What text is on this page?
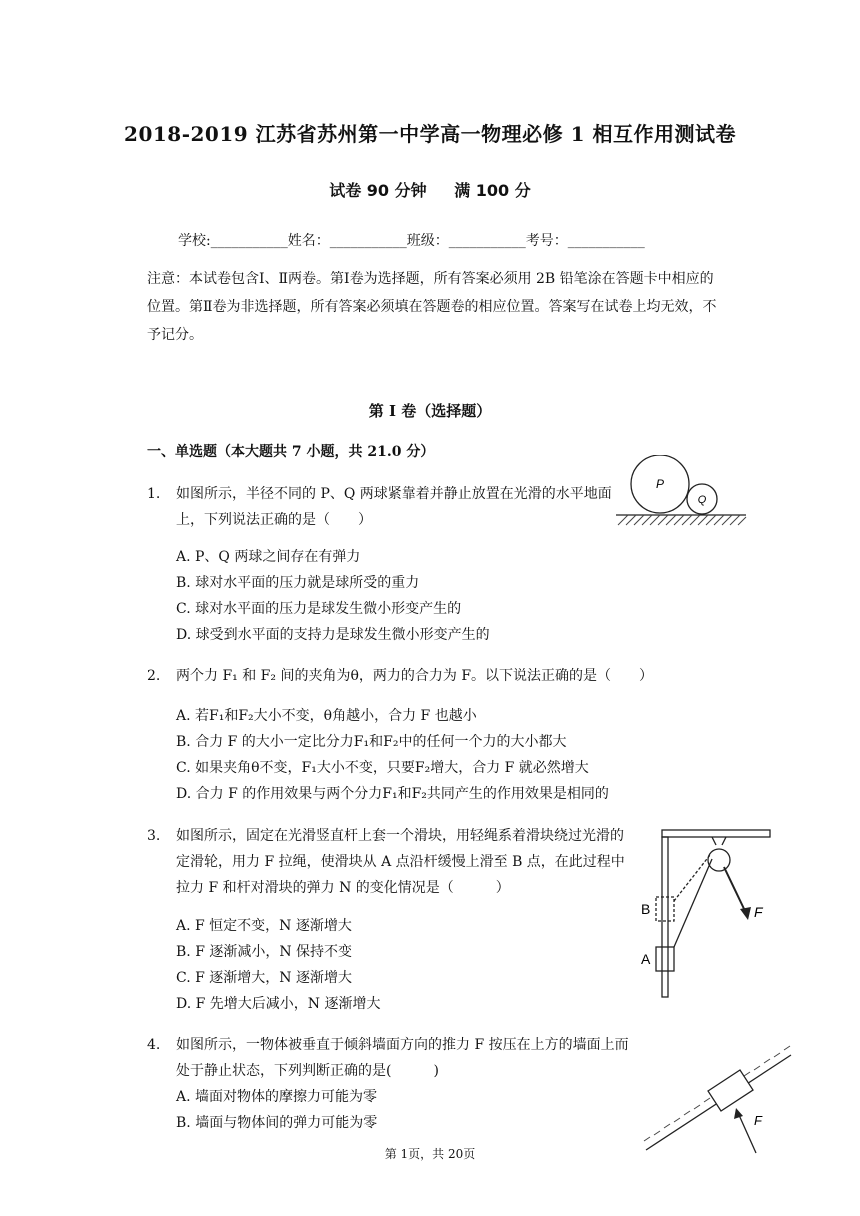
2018-2019 江苏省苏州第一中学高一物理必修 1 相互作用测试卷
试卷 90 分钟 满 100 分
学校:___________姓名：___________班级：___________考号：___________
注意：本试卷包含Ⅰ、Ⅱ两卷。第Ⅰ卷为选择题，所有答案必须用 2B 铅笔涂在答题卡中相应的位置。第Ⅱ卷为非选择题，所有答案必须填在答题卷的相应位置。答案写在试卷上均无效，不予记分。
第 I 卷（选择题）
一、单选题（本大题共 7 小题，共 21.0 分）
1. 如图所示，半径不同的 P、Q 两球紧靠着并静止放置在光滑的水平地面上，下列说法正确的是（　　）
A. P、Q 两球之间存在有弹力
B. 球对水平面的压力就是球所受的重力
C. 球对水平面的压力是球发生微小形变产生的
D. 球受到水平面的支持力是球发生微小形变产生的
P
Q
2. 两个力 F₁ 和 F₂ 间的夹角为θ，两力的合力为 F。以下说法正确的是（　　）
A. 若F₁和F₂大小不变，θ角越小，合力 F 也越小
B. 合力 F 的大小一定比分力F₁和F₂中的任何一个力的大小都大
C. 如果夹角θ不变，F₁大小不变，只要F₂增大，合力 F 就必然增大
D. 合力 F 的作用效果与两个分力F₁和F₂共同产生的作用效果是相同的
3. 如图所示，固定在光滑竖直杆上套一个滑块，用轻绳系着滑块绕过光滑的定滑轮，用力 F 拉绳，使滑块从 A 点沿杆缓慢上滑至 B 点，在此过程中拉力 F 和杆对滑块的弹力 N 的变化情况是（　　　）
A. F 恒定不变，N 逐渐增大
B. F 逐渐减小，N 保持不变
C. F 逐渐增大，N 逐渐增大
D. F 先增大后减小，N 逐渐增大
F
B
A
4. 如图所示，一物体被垂直于倾斜墙面方向的推力 F 按压在上方的墙面上而处于静止状态，下列判断正确的是(　　　)
A. 墙面对物体的摩擦力可能为零
B. 墙面与物体间的弹力可能为零	F
第 1页，共 20页
